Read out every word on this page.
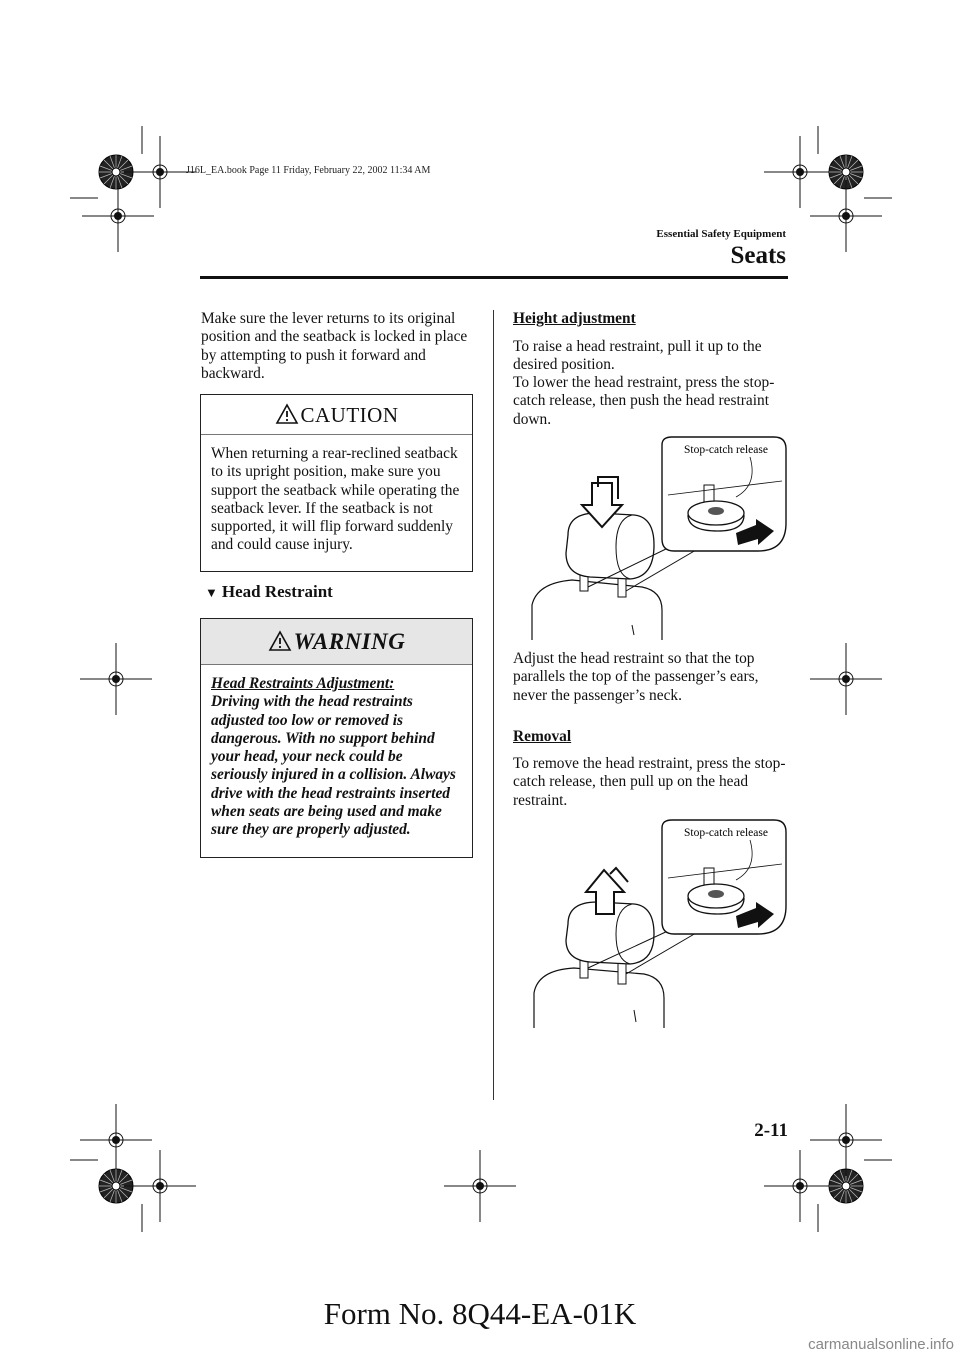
J16L_EA.book Page 11 Friday, February 22, 2002 11:34 AM
Essential Safety Equipment
Seats
Make sure the lever returns to its original position and the seatback is locked in place by attempting to push it forward and backward.
CAUTION
When returning a rear-reclined seatback to its upright position, make sure you support the seatback while operating the seatback lever. If the seatback is not supported, it will flip forward suddenly and could cause injury.
▼ Head Restraint
WARNING
Head Restraints Adjustment:
Driving with the head restraints adjusted too low or removed is dangerous. With no support behind your head, your neck could be seriously injured in a collision. Always drive with the head restraints inserted when seats are being used and make sure they are properly adjusted.
Height adjustment
To raise a head restraint, pull it up to the desired position.
To lower the head restraint, press the stop-catch release, then push the head restraint down.
Stop-catch release
Adjust the head restraint so that the top parallels the top of the passenger’s ears, never the passenger’s neck.
Removal
To remove the head restraint, press the stop-catch release, then pull up on the head restraint.
Stop-catch release
2-11
Form No. 8Q44-EA-01K
carmanualsonline.info
